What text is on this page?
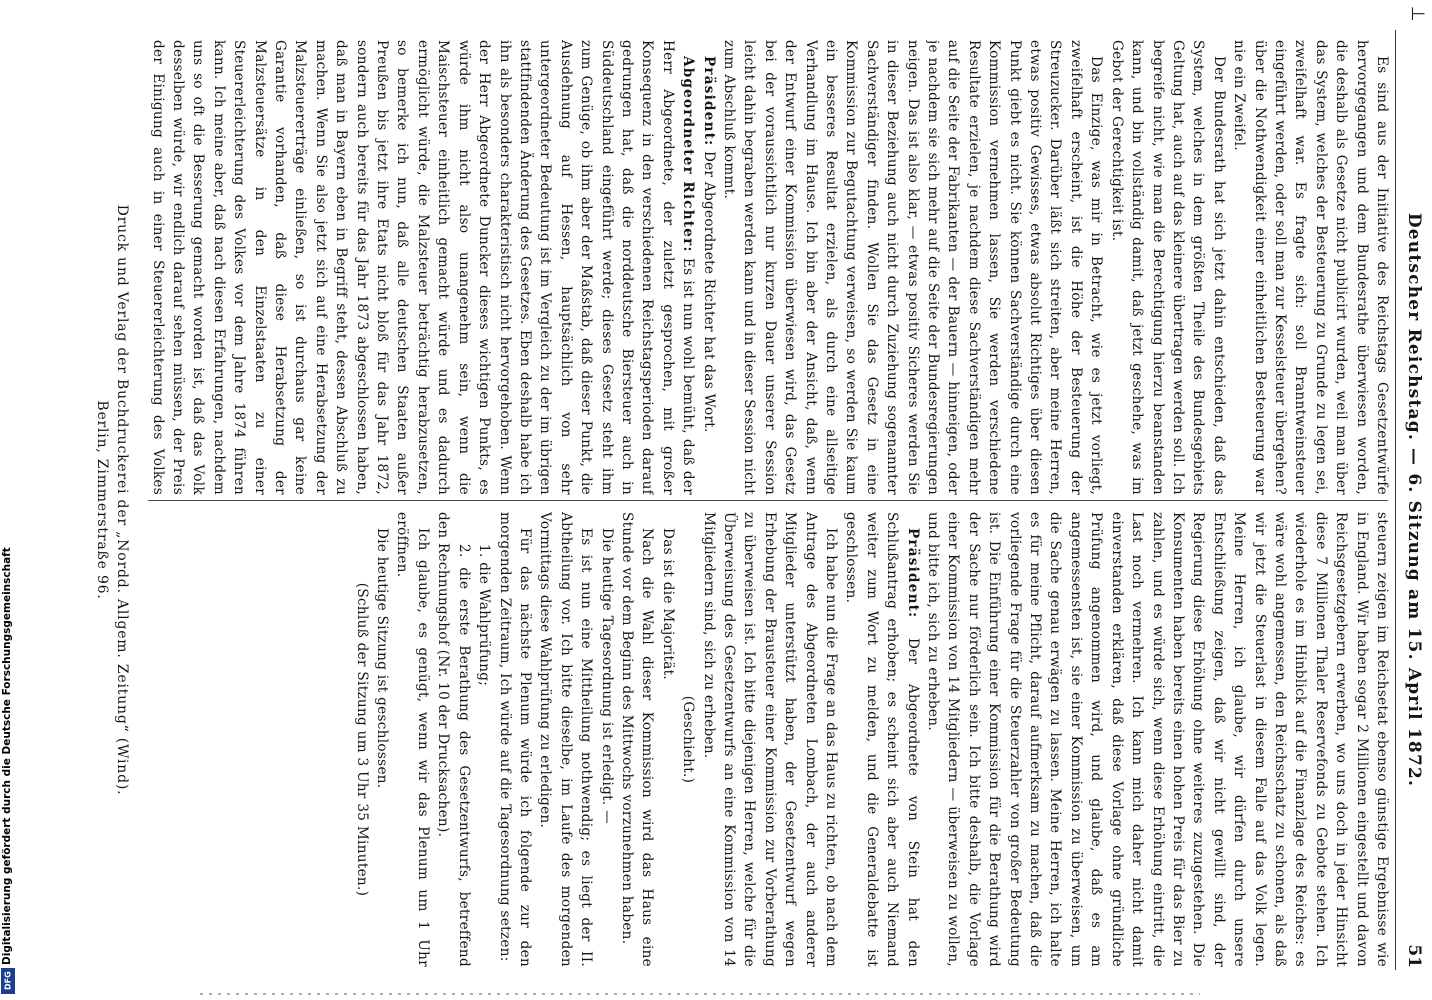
Deutscher Reichstag. — 6. Sitzung am 15. April 1872.
51

Es sind aus der Initiative des Reichstags Gesetzentwürfe hervorgegangen und dem Bundesrathe überwiesen worden, die deshalb als Gesetze nicht publicirt wurden, weil man über das System, welches der Besteuerung zu Grunde zu legen sei, zweifelhaft war. Es fragte sich: soll Branntweinsteuer eingeführt werden, oder soll man zur Kesselsteuer übergehen? über die Nothwendigkeit einer einheitlichen Besteuerung war nie ein Zweifel.

Der Bundesrath hat sich jetzt dahin entschieden, daß das System, welches in dem größten Theile des Bundesgebiets Geltung hat, auch auf das kleinere übertragen werden soll. Ich begreife nicht, wie man die Berechtigung hierzu beanstanden kann, und bin vollständig damit, daß jetzt geschehe, was im Gebot der Gerechtigkeit ist.

Das Einzige, was mir in Betracht, wie es jetzt vorliegt, zweifelhaft erscheint, ist die Höhe der Besteuerung der Streuzucker. Darüber läßt sich streiten, aber meine Herren, etwas positiv Gewisses, etwas absolut Richtiges über diesen Punkt giebt es nicht. Sie können Sachverständige durch eine Kommission vernehmen lassen, Sie werden verschiedene Resultate erzielen, je nachdem diese Sachverständigen mehr auf die Seite der Fabrikanten — der Bauern — hinneigen, oder je nachdem sie sich mehr auf die Seite der Bundesregierungen neigen. Das ist also klar, — etwas positiv Sicheres werden Sie in dieser Beziehung auch nicht durch Zuziehung sogenannter Sachverständiger finden. Wollen Sie das Gesetz in eine Kommission zur Begutachtung verweisen, so werden Sie kaum ein besseres Resultat erzielen, als durch eine allseitige Verhandlung im Hause. Ich bin aber der Ansicht, daß, wenn der Entwurf einer Kommission überwiesen wird, das Gesetz bei der voraussichtlich nur kurzen Dauer unserer Session leicht dahin begraben werden kann und in dieser Session nicht zum Abschluß kommt.

Präsident: Der Abgeordnete Richter hat das Wort.

Abgeordneter Richter: Es ist nun wohl bemüht, daß der Herr Abgeordnete, der zuletzt gesprochen, mit großer Konsequenz in den verschiedenen Reichstagsperioden darauf gedrungen hat, daß die norddeutsche Biersteuer auch in Süddeutschland eingeführt werde; dieses Gesetz steht ihm zum Genüge, ob ihm aber der Maßstab, daß dieser Punkt, die Ausdehnung auf Hessen, hauptsächlich von sehr untergeordneter Bedeutung ist im Vergleich zu der im übrigen stattfindenden Änderung des Gesetzes. Eben deshalb habe ich ihn als besonders charakteristisch nicht hervorgehoben. Wenn der Herr Abgeordnete Duncker dieses wichtigen Punkts, es würde ihm nicht also unangenehm sein, wenn die Maischsteuer einheitlich gemacht würde und es dadurch ermöglicht würde, die Malzsteuer beträchtig herabzusetzen, so bemerke ich nun, daß alle deutschen Staaten außer Preußen bis jetzt ihre Etats nicht bloß für das Jahr 1872, sondern auch bereits für das Jahr 1873 abgeschlossen haben, daß man in Bayern eben in Begriff steht, dessen Abschluß zu machen. Wenn Sie also jetzt sich auf eine Herabsetzung der Malzsteuererträge einließen, so ist durchaus gar keine Garantie vorhanden, daß diese Herabsetzung der Malzsteuersätze in den Einzelstaaten zu einer Steuererleichterung des Volkes vor dem Jahre 1874 führen kann. Ich meine aber, daß nach diesen Erfahrungen, nachdem uns so oft die Besserung gemacht worden ist, daß das Volk desselben würde, wir endlich darauf sehen müssen, der Preis der Einigung auch in einer Steuererleichterung des Volkes

steuern zeigen im Reichsetat ebenso günstige Ergebnisse wie in England. Wir haben sogar 2 Millionen eingestellt und davon Reichsgesetzgebern erwerben, wo uns doch in jeder Hinsicht diese 7 Millionen Thaler Reservefonds zu Gebote stehen. Ich wiederhole es im Hinblick auf die Finanzlage des Reiches: es wäre wohl angemessen, den Reichsschatz zu schonen, als daß wir jetzt die Steuerlast in diesem Falle auf das Volk legen. Meine Herren, ich glaube, wir dürfen durch unsere Entschließung zeigen, daß wir nicht gewillt sind, der Regierung diese Erhöhung ohne weiteres zuzugestehen. Die Konsumenten haben bereits einen hohen Preis für das Bier zu zahlen, und es würde sich, wenn diese Erhöhung eintritt, die Last noch vermehren. Ich kann mich daher nicht damit einverstanden erklären, daß diese Vorlage ohne gründliche Prüfung angenommen wird, und glaube, daß es am angemessensten ist, sie einer Kommission zu überweisen, um die Sache genau erwägen zu lassen. Meine Herren, ich halte es für meine Pflicht, darauf aufmerksam zu machen, daß die vorliegende Frage für die Steuerzahler von großer Bedeutung ist. Die Einführung einer Kommission für die Berathung wird der Sache nur förderlich sein. Ich bitte deshalb, die Vorlage einer Kommission von 14 Mitgliedern — überweisen zu wollen, und bitte ich, sich zu erheben.

Präsident: Der Abgeordnete von Stein hat den Schlußantrag erhoben; es scheint sich aber auch Niemand weiter zum Wort zu melden, und die Generaldebatte ist geschlossen.

Ich habe nun die Frage an das Haus zu richten, ob nach dem Antrage des Abgeordneten Lombach, der auch anderer Mitglieder unterstützt haben, der Gesetzentwurf wegen Erhebung der Brausteuer einer Kommission zur Vorberathung zu überweisen ist. Ich bitte diejenigen Herren, welche für die Überweisung des Gesetzentwurfs an eine Kommission von 14 Mitgliedern sind, sich zu erheben.

(Geschieht.)

Das ist die Majorität.

Nach die Wahl dieser Kommission wird das Haus eine Stunde vor dem Beginn des Mittwochs vorzunehmen haben.

Die heutige Tagesordnung ist erledigt. —

Es ist nun eine Mittheilung nothwendig; es liegt der II. Abtheilung vor. Ich bitte dieselbe, im Laufe des morgenden Vormittags diese Wahlprüfung zu erledigen.

Für das nächste Plenum würde ich folgende zur den morgenden Zeitraum, Ich würde auf die Tagesordnung setzen:

1. die Wahlprüfung;

2. die erste Berathung des Gesetzentwurfs, betreffend den Rechnungshof (Nr. 10 der Drucksachen).

Ich glaube, es genügt, wenn wir das Plenum um 1 Uhr eröffnen.

Die heutige Sitzung ist geschlossen.

(Schluß der Sitzung um 3 Uhr 35 Minuten.)

Druck und Verlag der Buchdruckerei der „Nordd. Allgem. Zeitung“ (Wind).
Berlin, Zimmerstraße 96.
⊢
Digitalisierung gefördert durch die Deutsche Forschungsgemeinschaft
DFG
